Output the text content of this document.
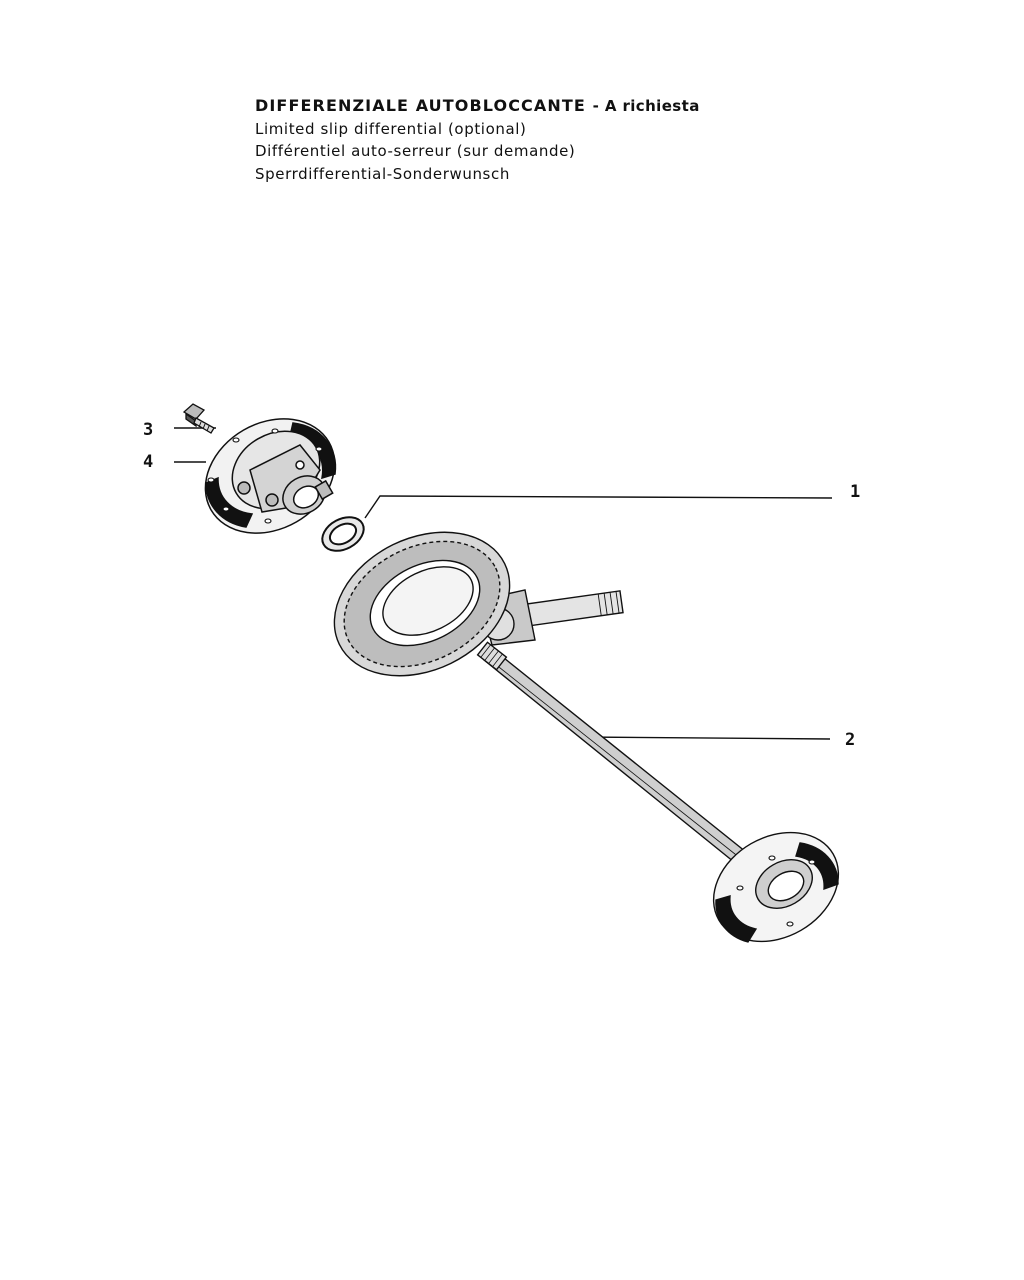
DIFFERENZIALE AUTOBLOCCANTE - A richiesta
Limited slip differential (optional)
Différentiel auto-serreur (sur demande)
Sperrdifferential-Sonderwunsch
3
4
1
2
